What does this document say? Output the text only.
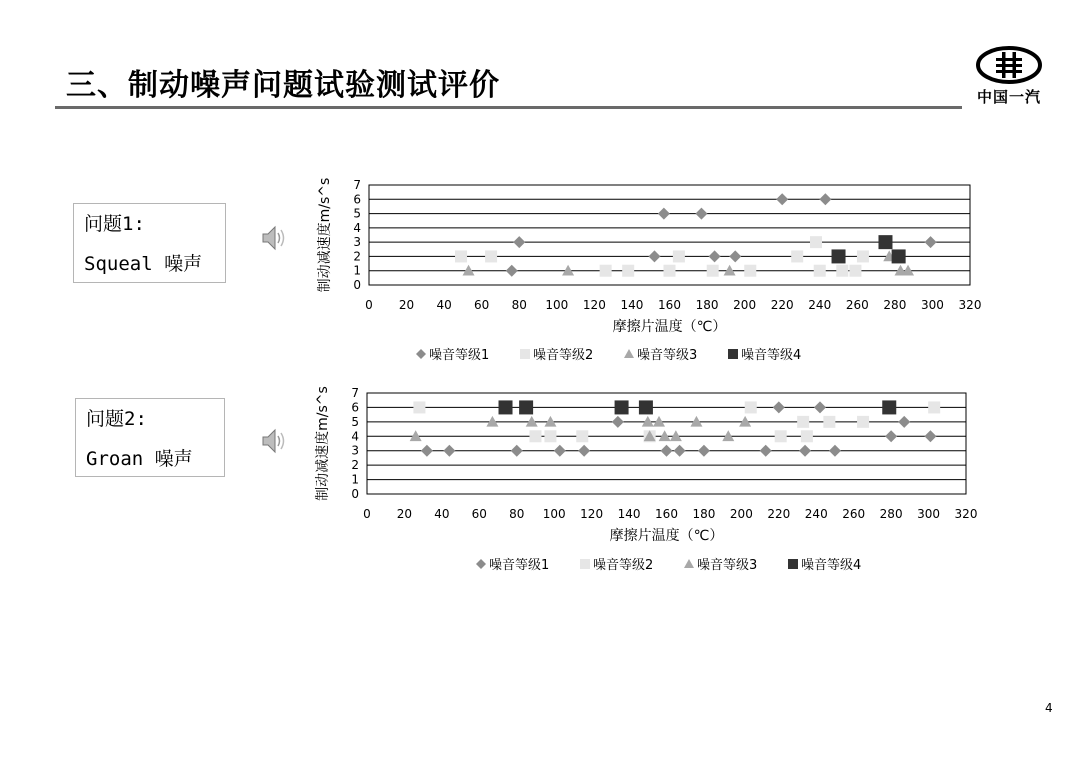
三、制动噪声问题试验测试评价	中国一汽
问题1:
Squeal 噪声
问题2:
Groan 噪声
0
1
2
3
4
5
6
7
0 20 40 60 80 100 120 140 160 180 200 220 240 260 280 300 320
摩擦片温度（℃）
制动减速度m/s^s
噪音等级1	噪音等级2	噪音等级3	噪音等级4
0
1
2
3
4
5
6
7
0 20 40 60 80 100 120 140 160 180 200 220 240 260 280 300 320
摩擦片温度（℃）
制动减速度m/s^s
噪音等级1	噪音等级2	噪音等级3	噪音等级4
4
